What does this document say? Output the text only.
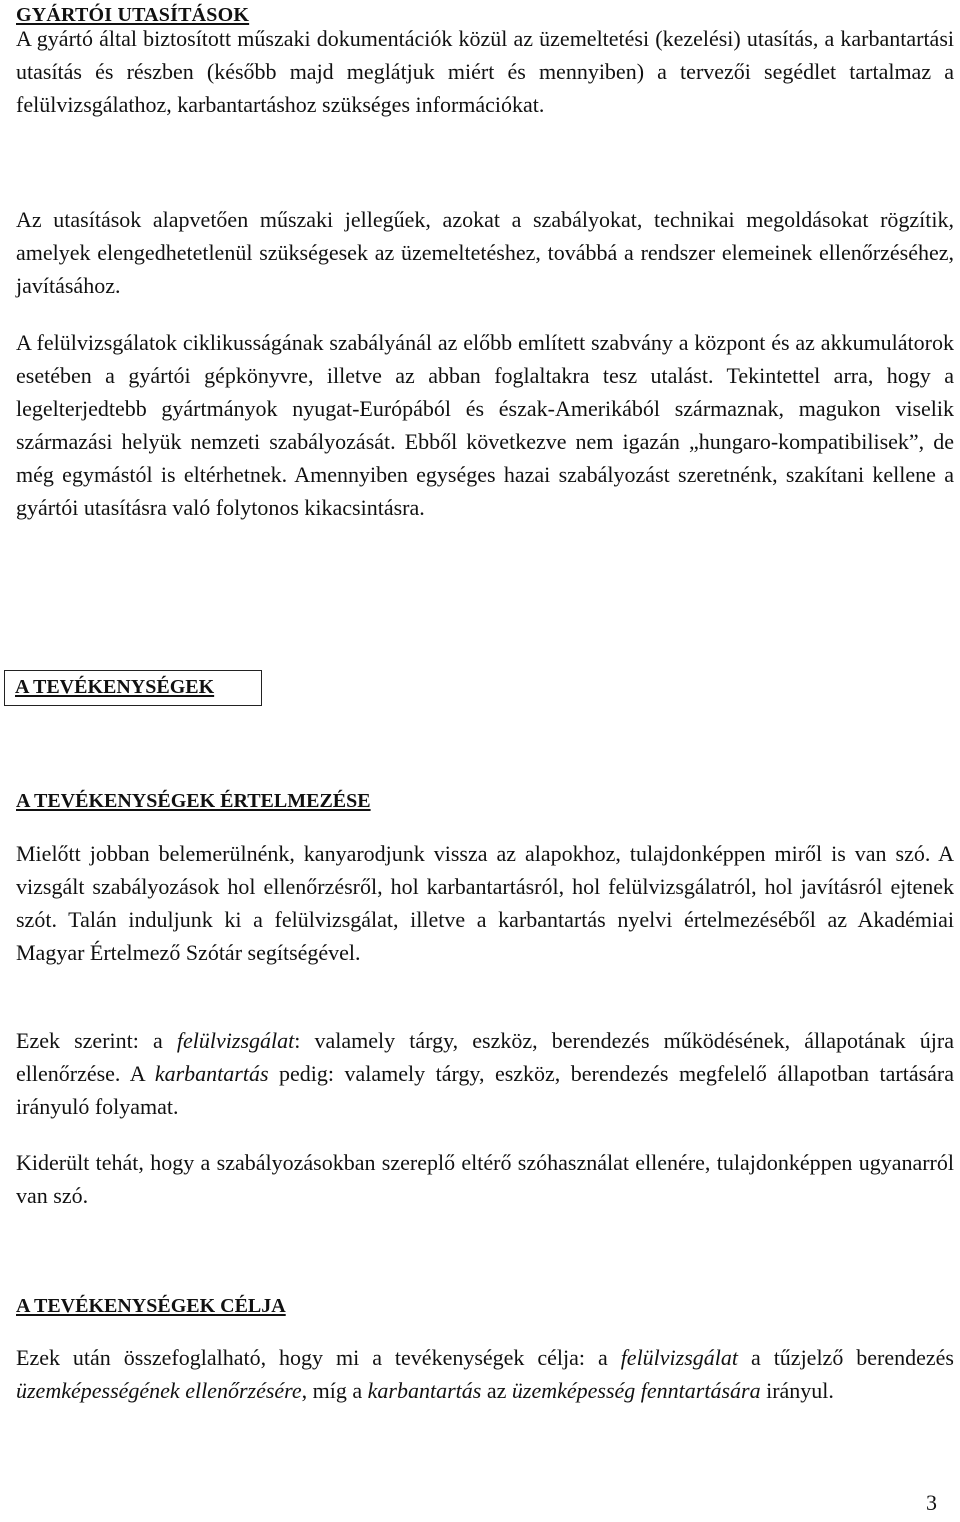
GYÁRTÓI UTASÍTÁSOK

A gyártó által biztosított műszaki dokumentációk közül az üzemeltetési (kezelési) utasítás, a karbantartási utasítás és részben (később majd meglátjuk miért és mennyiben) a tervezői segédlet tartalmaz a felülvizsgálathoz, karbantartáshoz szükséges információkat.

Az utasítások alapvetően műszaki jellegűek, azokat a szabályokat, technikai megoldásokat rögzítik, amelyek elengedhetetlenül szükségesek az üzemeltetéshez, továbbá a rendszer elemeinek ellenőrzéséhez, javításához.

A felülvizsgálatok ciklikusságának szabályánál az előbb említett szabvány a központ és az akkumulátorok esetében a gyártói gépkönyvre, illetve az abban foglaltakra tesz utalást. Tekintettel arra, hogy a legelterjedtebb gyártmányok nyugat-Európából és észak-Amerikából származnak, magukon viselik származási helyük nemzeti szabályozását. Ebből következve nem igazán „hungaro-kompatibilisek”, de még egymástól is eltérhetnek. Amennyiben egységes hazai szabályozást szeretnénk, szakítani kellene a gyártói utasításra való folytonos kikacsintásra.

A TEVÉKENYSÉGEK
A TEVÉKENYSÉGEK ÉRTELMEZÉSE

Mielőtt jobban belemerülnénk, kanyarodjunk vissza az alapokhoz, tulajdonképpen miről is van szó. A vizsgált szabályozások hol ellenőrzésről, hol karbantartásról, hol felülvizsgálatról, hol javításról ejtenek szót. Talán induljunk ki a felülvizsgálat, illetve a karbantartás nyelvi értelmezéséből az Akadémiai Magyar Értelmező Szótár segítségével.

Ezek szerint: a felülvizsgálat: valamely tárgy, eszköz, berendezés működésének, állapotának újra ellenőrzése. A karbantartás pedig: valamely tárgy, eszköz, berendezés megfelelő állapotban tartására irányuló folyamat.

Kiderült tehát, hogy a szabályozásokban szereplő eltérő szóhasználat ellenére, tulajdonképpen ugyanarról van szó.

A TEVÉKENYSÉGEK CÉLJA

Ezek után összefoglalható, hogy mi a tevékenységek célja: a felülvizsgálat a tűzjelző berendezés üzemképességének ellenőrzésére, míg a karbantartás az üzemképesség fenntartására irányul.

3
